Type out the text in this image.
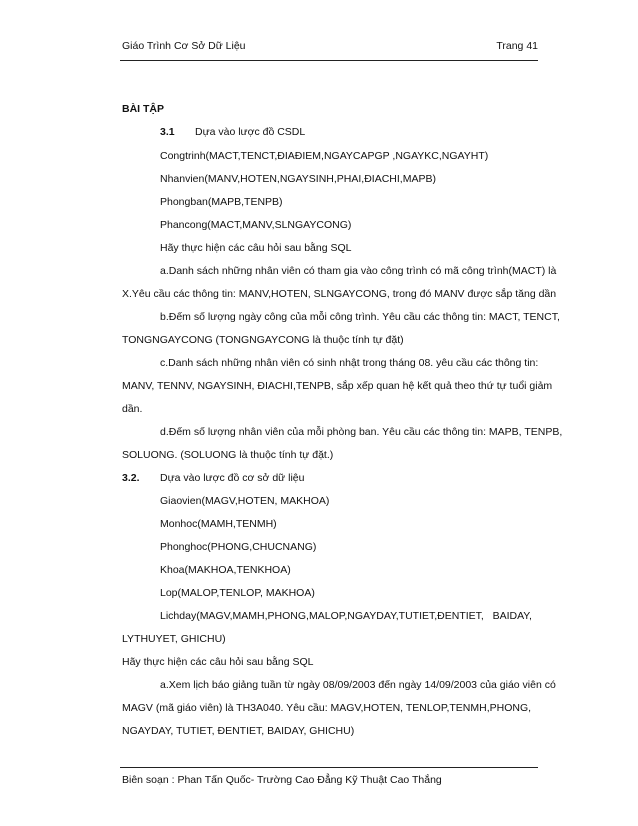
Giáo Trình Cơ Sở Dữ Liệu	Trang 41
BÀI TẬP
3.1 Dựa vào lược đồ CSDL
Congtrinh(MACT,TENCT,ĐIAĐIEM,NGAYCAPGP ,NGAYKC,NGAYHT)
Nhanvien(MANV,HOTEN,NGAYSINH,PHAI,ĐIACHI,MAPB)
Phongban(MAPB,TENPB)
Phancong(MACT,MANV,SLNGAYCONG)
Hãy thực hiện các câu hỏi sau bằng SQL
a.Danh sách những nhân viên có tham gia vào công trình có mã công trình(MACT) là
X.Yêu cầu các thông tin: MANV,HOTEN, SLNGAYCONG, trong đó MANV được sắp tăng dần
b.Đếm số lượng ngày công của mỗi công trình. Yêu cầu các thông tin: MACT, TENCT,
TONGNGAYCONG (TONGNGAYCONG là thuộc tính tự đặt)
c.Danh sách những nhân viên có sinh nhật trong tháng 08. yêu cầu các thông tin:
MANV, TENNV, NGAYSINH, ĐIACHI,TENPB, sắp xếp quan hệ kết quả theo thứ tự tuổi giảm
dần.
d.Đếm số lượng nhân viên của mỗi phòng ban. Yêu cầu các thông tin: MAPB, TENPB,
SOLUONG. (SOLUONG là thuộc tính tự đặt.)
3.2. Dựa vào lược đồ cơ sở dữ liệu
Giaovien(MAGV,HOTEN, MAKHOA)
Monhoc(MAMH,TENMH)
Phonghoc(PHONG,CHUCNANG)
Khoa(MAKHOA,TENKHOA)
Lop(MALOP,TENLOP, MAKHOA)
Lichday(MAGV,MAMH,PHONG,MALOP,NGAYDAY,TUTIET,ĐENTIET,   BAIDAY,
LYTHUYET, GHICHU)
Hãy thực hiện các câu hỏi sau bằng SQL
a.Xem lịch báo giảng tuần từ ngày 08/09/2003 đến ngày 14/09/2003 của giáo viên có
MAGV (mã giáo viên) là TH3A040. Yêu cầu: MAGV,HOTEN, TENLOP,TENMH,PHONG,
NGAYDAY, TUTIET, ĐENTIET, BAIDAY, GHICHU)
Biên soạn : Phan Tấn Quốc- Trường Cao Đẳng Kỹ Thuật Cao Thắng
